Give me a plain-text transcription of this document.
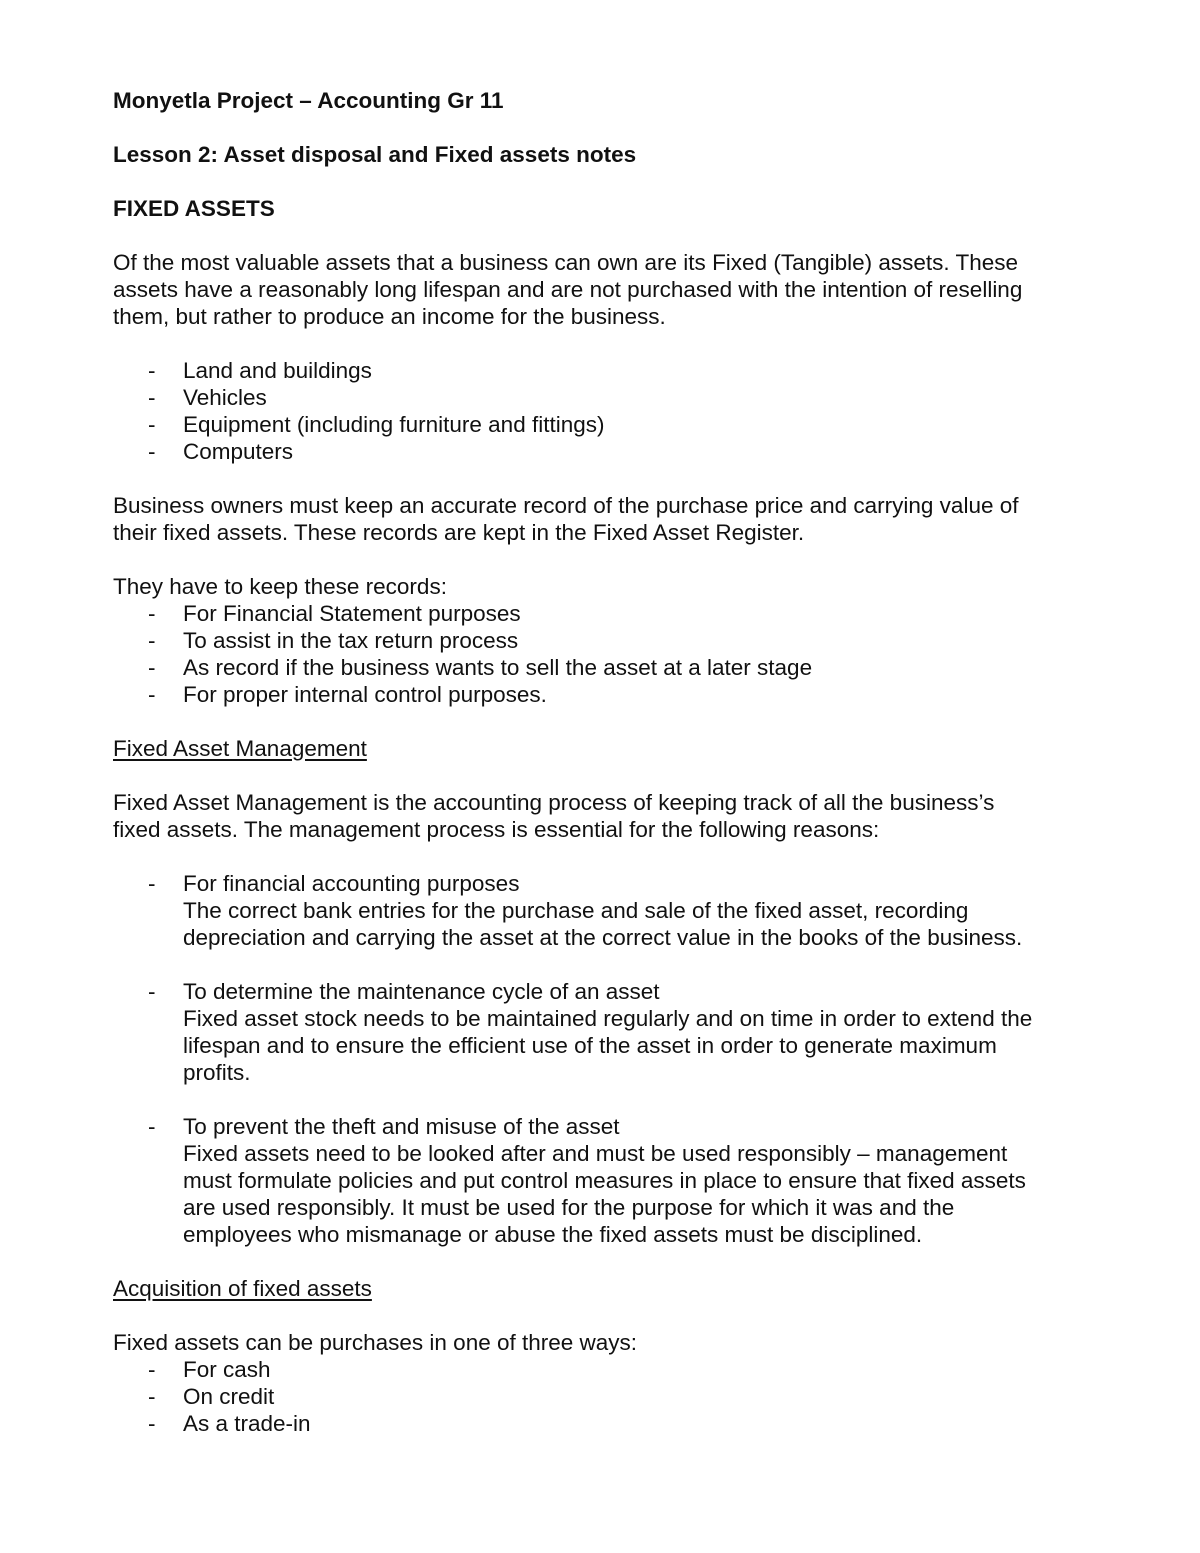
Monyetla Project – Accounting Gr 11
Lesson 2: Asset disposal and Fixed assets notes
FIXED ASSETS
Of the most valuable assets that a business can own are its Fixed (Tangible) assets. These
assets have a reasonably long lifespan and are not purchased with the intention of reselling
them, but rather to produce an income for the business.
- Land and buildings
- Vehicles
- Equipment (including furniture and fittings)
- Computers
Business owners must keep an accurate record of the purchase price and carrying value of
their fixed assets. These records are kept in the Fixed Asset Register.
They have to keep these records:
- For Financial Statement purposes
- To assist in the tax return process
- As record if the business wants to sell the asset at a later stage
- For proper internal control purposes.
Fixed Asset Management
Fixed Asset Management is the accounting process of keeping track of all the business’s
fixed assets. The management process is essential for the following reasons:
- For financial accounting purposes
The correct bank entries for the purchase and sale of the fixed asset, recording
depreciation and carrying the asset at the correct value in the books of the business.
- To determine the maintenance cycle of an asset
Fixed asset stock needs to be maintained regularly and on time in order to extend the
lifespan and to ensure the efficient use of the asset in order to generate maximum
profits.
- To prevent the theft and misuse of the asset
Fixed assets need to be looked after and must be used responsibly – management
must formulate policies and put control measures in place to ensure that fixed assets
are used responsibly. It must be used for the purpose for which it was and the
employees who mismanage or abuse the fixed assets must be disciplined.
Acquisition of fixed assets
Fixed assets can be purchases in one of three ways:
- For cash
- On credit
- As a trade-in
